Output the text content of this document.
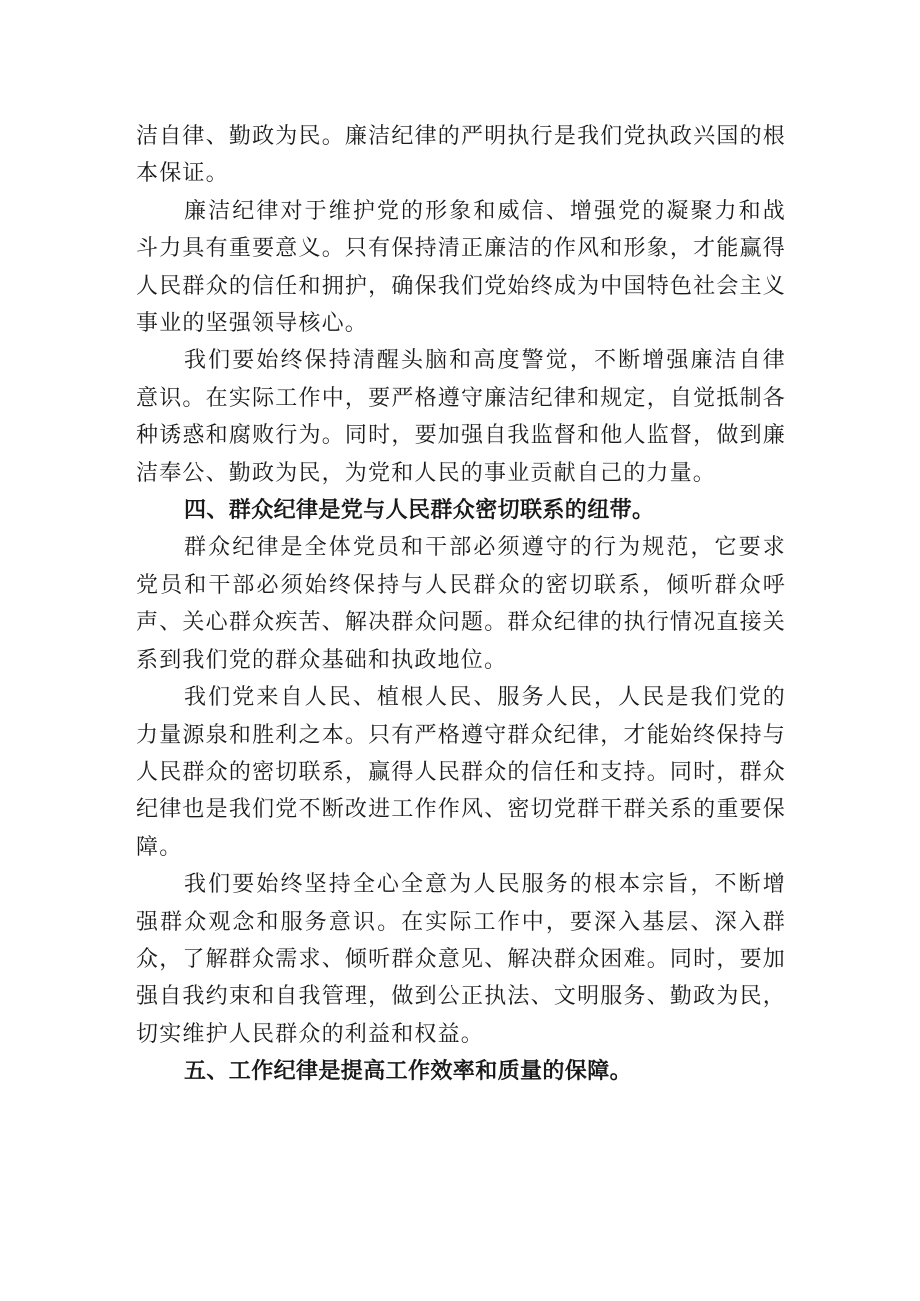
洁自律、勤政为民。廉洁纪律的严明执行是我们党执政兴国的根本保证。

廉洁纪律对于维护党的形象和威信、增强党的凝聚力和战斗力具有重要意义。只有保持清正廉洁的作风和形象，才能赢得人民群众的信任和拥护，确保我们党始终成为中国特色社会主义事业的坚强领导核心。

我们要始终保持清醒头脑和高度警觉，不断增强廉洁自律意识。在实际工作中，要严格遵守廉洁纪律和规定，自觉抵制各种诱惑和腐败行为。同时，要加强自我监督和他人监督，做到廉洁奉公、勤政为民，为党和人民的事业贡献自己的力量。

四、群众纪律是党与人民群众密切联系的纽带。

群众纪律是全体党员和干部必须遵守的行为规范，它要求党员和干部必须始终保持与人民群众的密切联系，倾听群众呼声、关心群众疾苦、解决群众问题。群众纪律的执行情况直接关系到我们党的群众基础和执政地位。

我们党来自人民、植根人民、服务人民，人民是我们党的力量源泉和胜利之本。只有严格遵守群众纪律，才能始终保持与人民群众的密切联系，赢得人民群众的信任和支持。同时，群众纪律也是我们党不断改进工作作风、密切党群干群关系的重要保障。

我们要始终坚持全心全意为人民服务的根本宗旨，不断增强群众观念和服务意识。在实际工作中，要深入基层、深入群众，了解群众需求、倾听群众意见、解决群众困难。同时，要加强自我约束和自我管理，做到公正执法、文明服务、勤政为民，切实维护人民群众的利益和权益。

五、工作纪律是提高工作效率和质量的保障。
